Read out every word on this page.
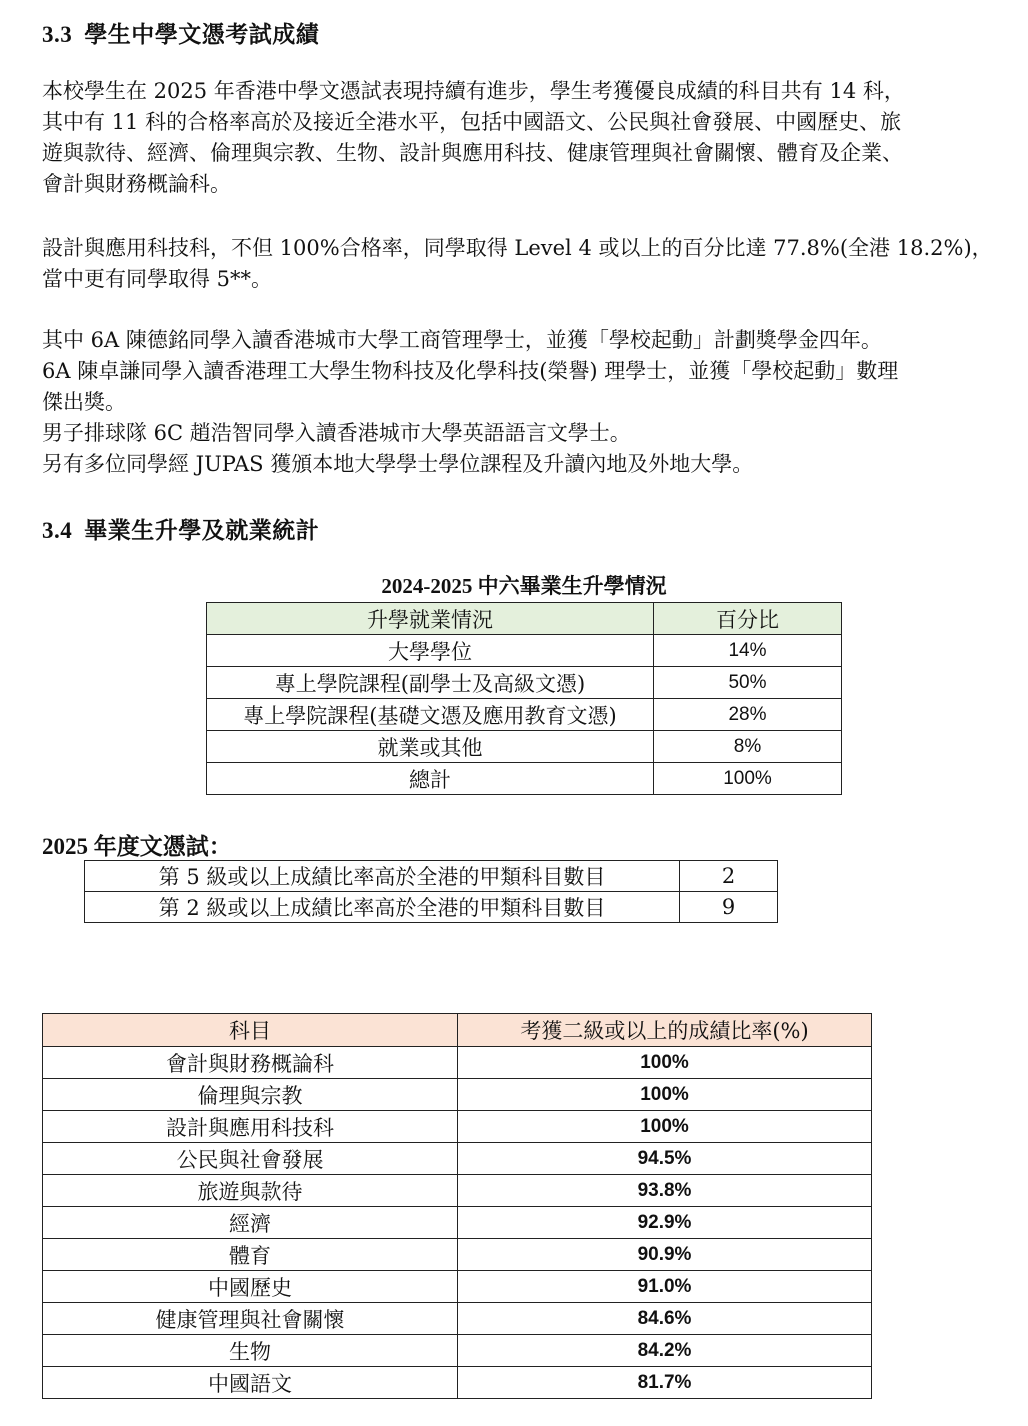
3.3 學生中學文憑考試成績
本校學生在 2025 年香港中學文憑試表現持續有進步，學生考獲優良成績的科目共有 14 科，
其中有 11 科的合格率高於及接近全港水平，包括中國語文、公民與社會發展、中國歷史、旅
遊與款待、經濟、倫理與宗教、生物、設計與應用科技、健康管理與社會關懷、體育及企業、
會計與財務概論科。
設計與應用科技科，不但 100%合格率，同學取得 Level 4 或以上的百分比達 77.8%(全港 18.2%)，
當中更有同學取得 5**。
其中 6A 陳德銘同學入讀香港城市大學工商管理學士，並獲「學校起動」計劃獎學金四年。
6A 陳卓謙同學入讀香港理工大學生物科技及化學科技(榮譽) 理學士，並獲「學校起動」數理
傑出獎。
男子排球隊 6C 趙浩智同學入讀香港城市大學英語語言文學士。
另有多位同學經 JUPAS 獲頒本地大學學士學位課程及升讀內地及外地大學。
3.4 畢業生升學及就業統計
2024-2025 中六畢業生升學情況
升學就業情況	百分比
大學學位	14%
專上學院課程(副學士及高級文憑)	50%
專上學院課程(基礎文憑及應用教育文憑)	28%
就業或其他	8%
總計	100%
2025 年度文憑試：
第 5 級或以上成績比率高於全港的甲類科目數目	2
第 2 級或以上成績比率高於全港的甲類科目數目	9
科目	考獲二級或以上的成績比率(%)
會計與財務概論科	100%
倫理與宗教	100%
設計與應用科技科	100%
公民與社會發展	94.5%
旅遊與款待	93.8%
經濟	92.9%
體育	90.9%
中國歷史	91.0%
健康管理與社會關懷	84.6%
生物	84.2%
中國語文	81.7%
